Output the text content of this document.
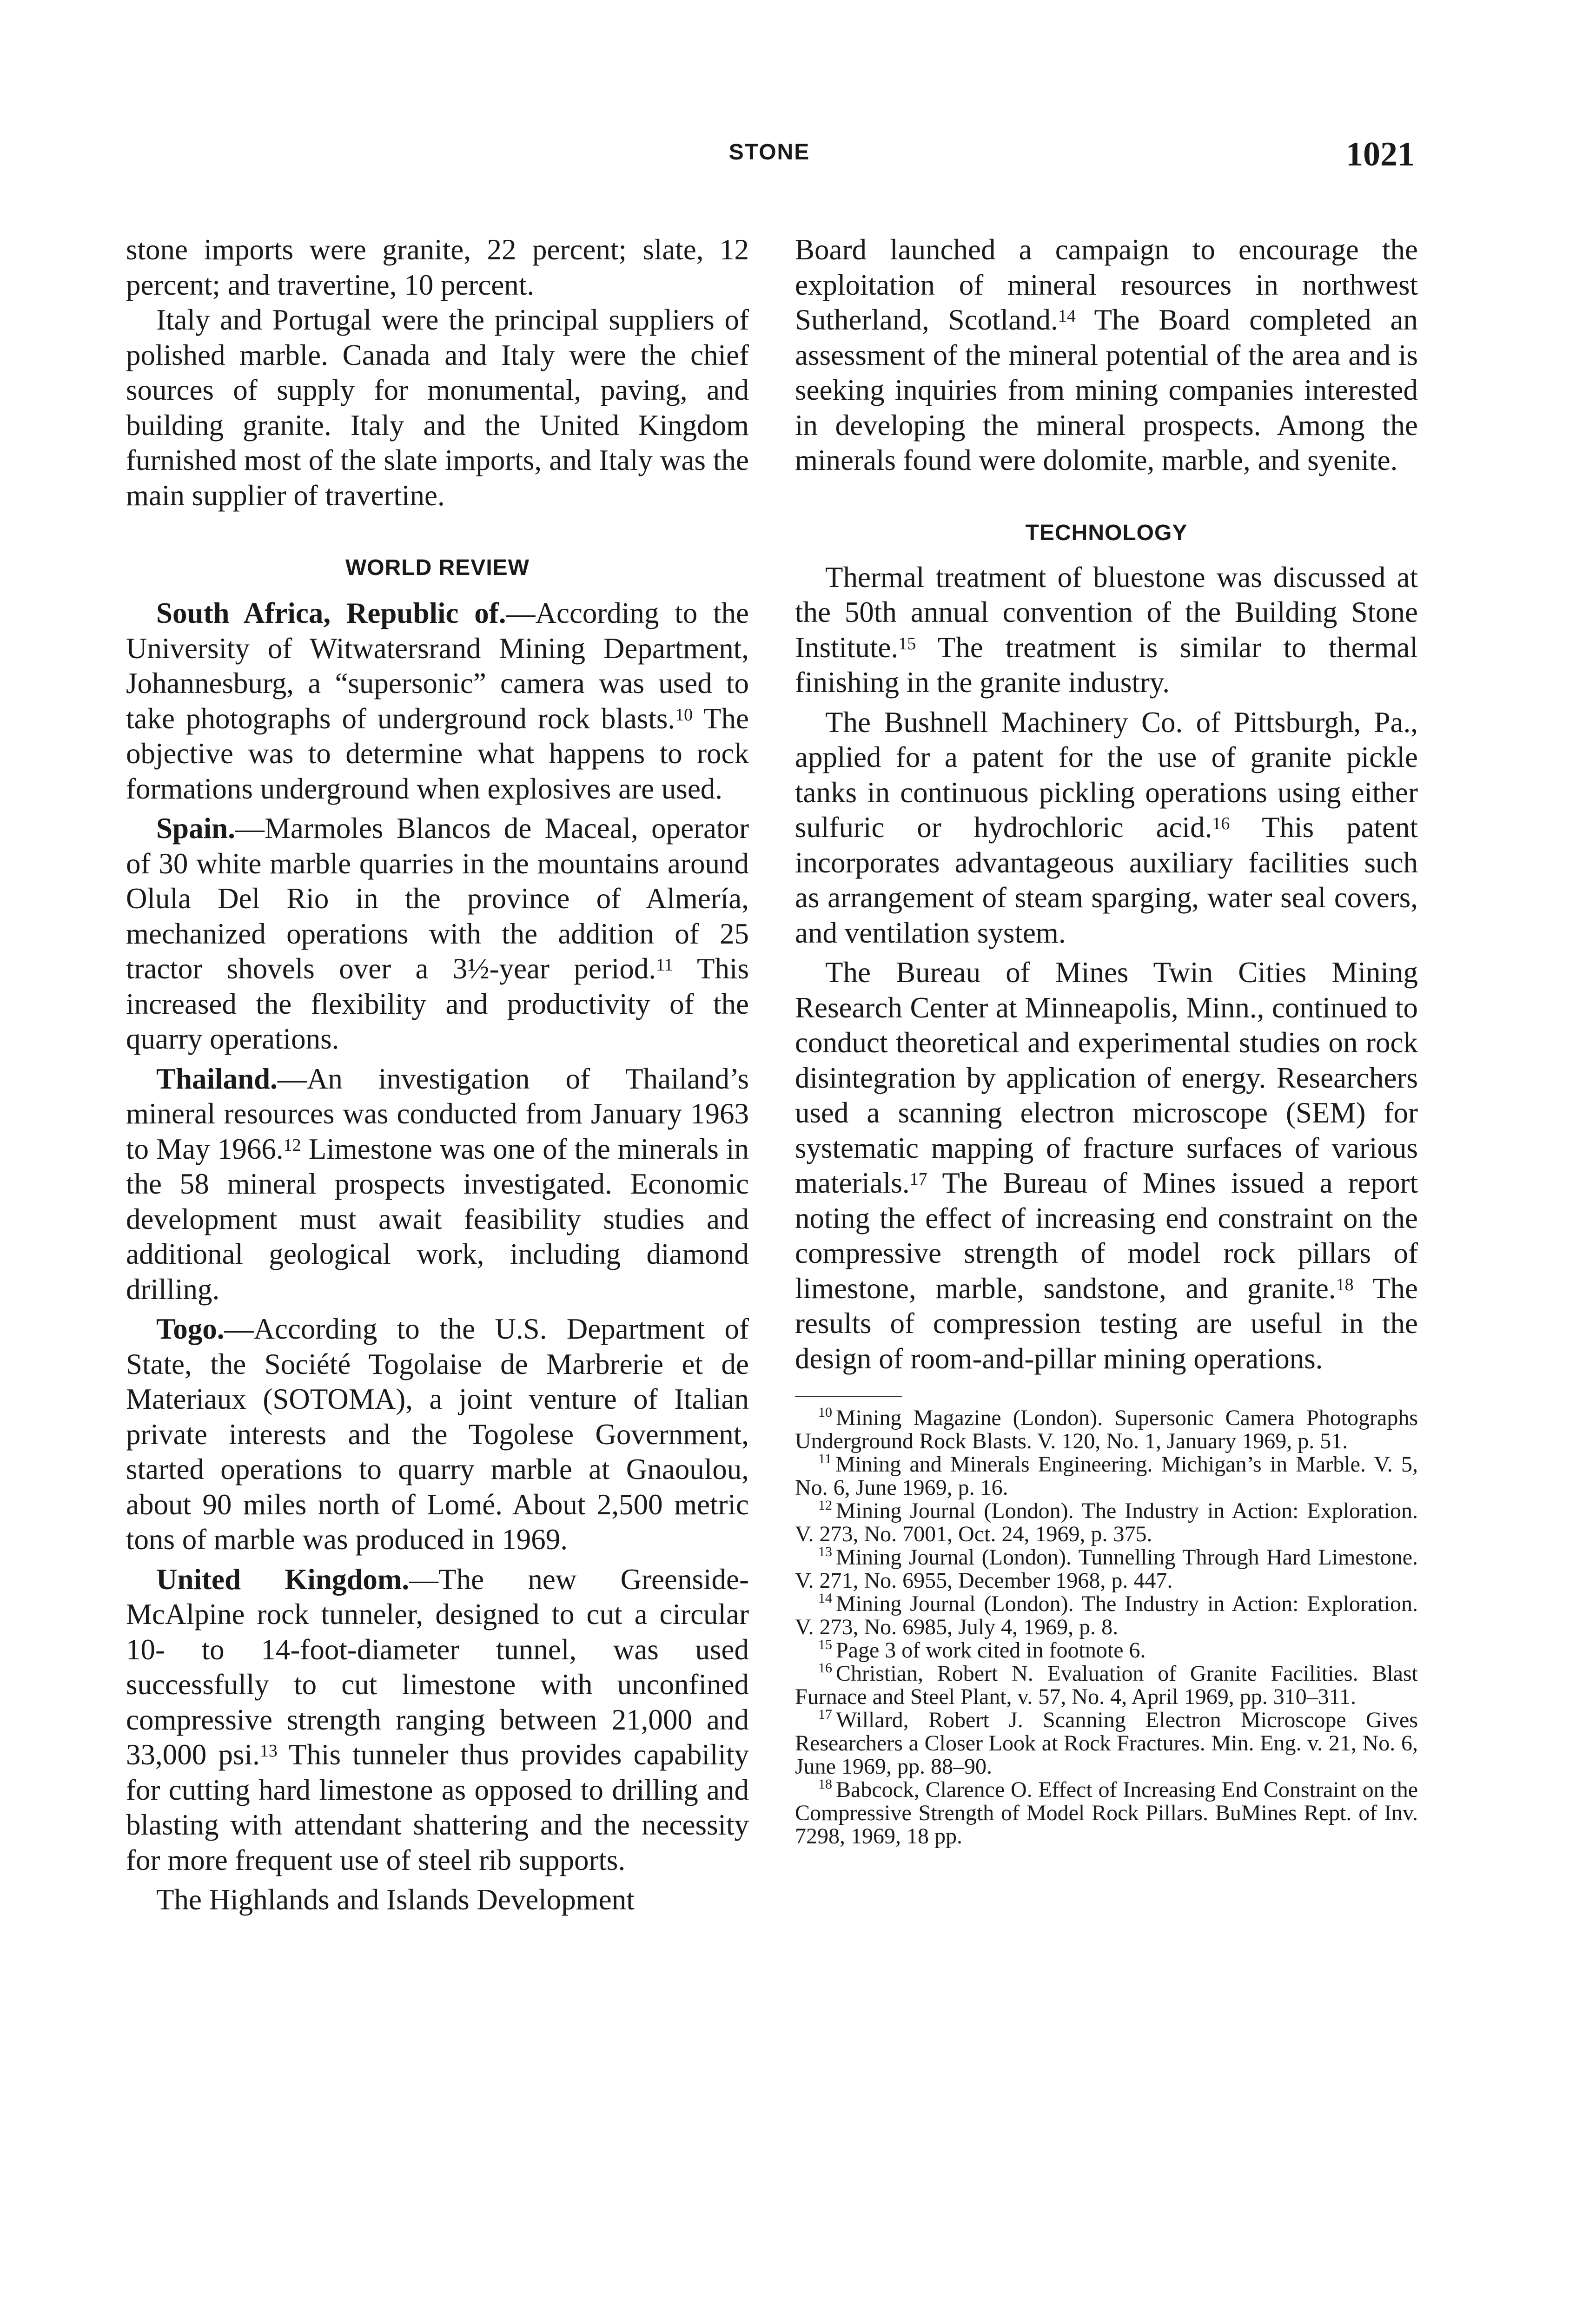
STONE	1021

stone imports were granite, 22 percent; slate, 12 percent; and travertine, 10 percent.

Italy and Portugal were the principal suppliers of polished marble. Canada and Italy were the chief sources of supply for monumental, paving, and building granite. Italy and the United Kingdom furnished most of the slate imports, and Italy was the main supplier of travertine.

WORLD REVIEW

South Africa, Republic of.—According to the University of Witwatersrand Mining Department, Johannesburg, a “supersonic” camera was used to take photographs of underground rock blasts.$^{10}$ The objective was to determine what happens to rock formations underground when explosives are used.

Spain.—Marmoles Blancos de Maceal, operator of 30 white marble quarries in the mountains around Olula Del Rio in the province of Almería, mechanized operations with the addition of 25 tractor shovels over a 3½-year period.$^{11}$ This increased the flexibility and productivity of the quarry operations.

Thailand.—An investigation of Thailand’s mineral resources was conducted from January 1963 to May 1966.12 Limestone was one of the minerals in the 58 mineral prospects investigated. Economic development must await feasibility studies and additional geological work, including diamond drilling.

Togo.—According to the U.S. Department of State, the Société Togolaise de Marbrerie et de Materiaux (SOTOMA), a joint venture of Italian private interests and the Togolese Government, started operations to quarry marble at Gnaoulou, about 90 miles north of Lomé. About 2,500 metric tons of marble was produced in 1969.

United Kingdom.—The new Greenside-McAlpine rock tunneler, designed to cut a circular 10- to 14-foot-diameter tunnel, was used successfully to cut limestone with unconfined compressive strength ranging between 21,000 and 33,000 psi.$^{13}$ This tunneler thus provides capability for cutting hard limestone as opposed to drilling and blasting with attendant shattering and the necessity for more frequent use of steel rib supports.

The Highlands and Islands Development

Board launched a campaign to encourage the exploitation of mineral resources in northwest Sutherland, Scotland.$^{14}$ The Board completed an assessment of the mineral potential of the area and is seeking inquiries from mining companies interested in developing the mineral prospects. Among the minerals found were dolomite, marble, and syenite.

TECHNOLOGY

Thermal treatment of bluestone was discussed at the 50th annual convention of the Building Stone Institute.$^{15}$ The treatment is similar to thermal finishing in the granite industry.

The Bushnell Machinery Co. of Pittsburgh, Pa., applied for a patent for the use of granite pickle tanks in continuous pickling operations using either sulfuric or hydrochloric acid.$^{16}$ This patent incorporates advantageous auxiliary facilities such as arrangement of steam sparging, water seal covers, and ventilation system.

The Bureau of Mines Twin Cities Mining Research Center at Minneapolis, Minn., continued to conduct theoretical and experimental studies on rock disintegration by application of energy. Researchers used a scanning electron microscope (SEM) for systematic mapping of fracture surfaces of various materials.$^{17}$ The Bureau of Mines issued a report noting the effect of increasing end constraint on the compressive strength of model rock pillars of limestone, marble, sandstone, and granite.$^{18}$ The results of compression testing are useful in the design of room-and-pillar mining operations.

$^{10}$ Mining Magazine (London). Supersonic Camera Photographs Underground Rock Blasts. V. 120, No. 1, January 1969, p. 51.

$^{11}$ Mining and Minerals Engineering. Michigan’s in Marble. V. 5, No. 6, June 1969, p. 16.

$^{12}$ Mining Journal (London). The Industry in Action: Exploration. V. 273, No. 7001, Oct. 24, 1969, p. 375.

$^{13}$ Mining Journal (London). Tunnelling Through Hard Limestone. V. 271, No. 6955, December 1968, p. 447.

$^{14}$ Mining Journal (London). The Industry in Action: Exploration. V. 273, No. 6985, July 4, 1969, p. 8.

$^{15}$ Page 3 of work cited in footnote 6.

$^{16}$ Christian, Robert N. Evaluation of Granite Facilities. Blast Furnace and Steel Plant, v. 57, No. 4, April 1969, pp. 310–311.

$^{17}$ Willard, Robert J. Scanning Electron Microscope Gives Researchers a Closer Look at Rock Fractures. Min. Eng. v. 21, No. 6, June 1969, pp. 88–90.

$^{18}$ Babcock, Clarence O. Effect of Increasing End Constraint on the Compressive Strength of Model Rock Pillars. BuMines Rept. of Inv. 7298, 1969, 18 pp.
